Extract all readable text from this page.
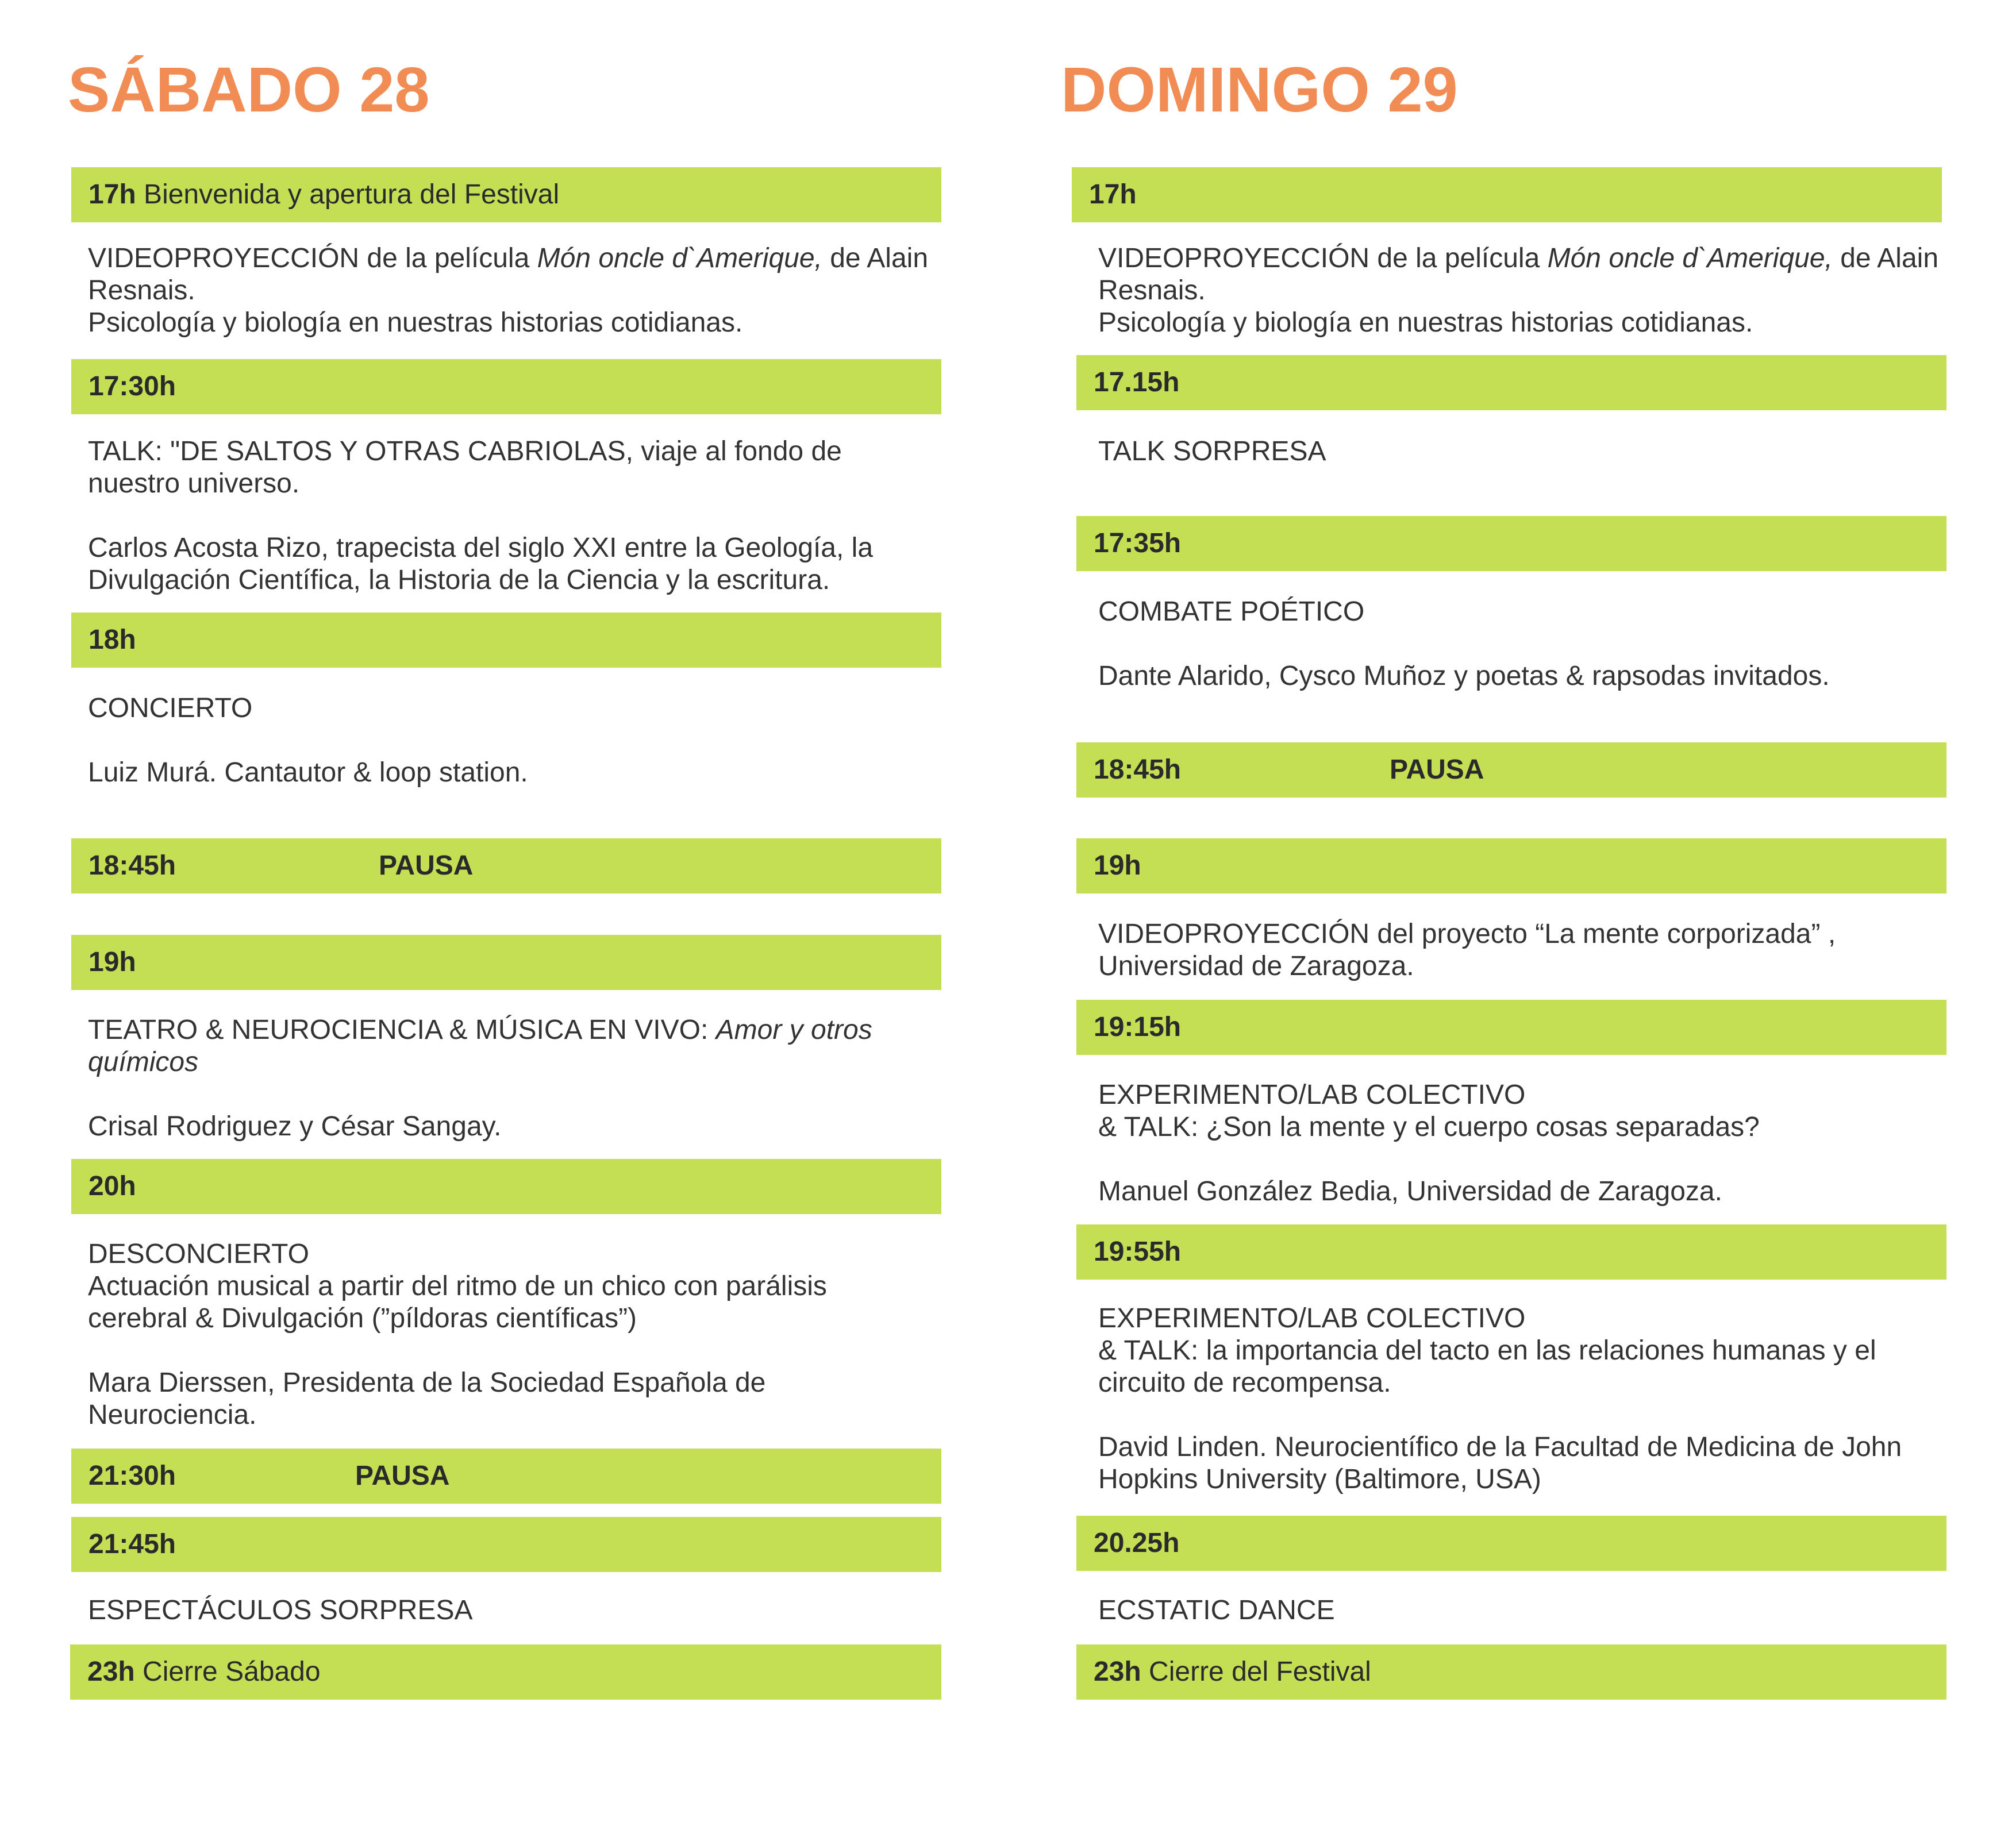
SÁBADO 28
17h Bienvenida y apertura del Festival
VIDEOPROYECCIÓN de la película Món oncle d`Amerique, de Alain Resnais.
Psicología y biología en nuestras historias cotidianas.
17:30h
TALK: "DE SALTOS Y OTRAS CABRIOLAS, viaje al fondo de nuestro universo.
Carlos Acosta Rizo, trapecista del siglo XXI entre la Geología, la Divulgación Científica, la Historia de la Ciencia y la escritura.
18h
CONCIERTO
Luiz Murá. Cantautor & loop station.
18:45h	PAUSA
19h
TEATRO & NEUROCIENCIA & MÚSICA EN VIVO: Amor y otros químicos
Crisal Rodriguez y César Sangay.
20h
DESCONCIERTO
Actuación musical a partir del ritmo de un chico con parálisis cerebral & Divulgación (”píldoras científicas”)
Mara Dierssen, Presidenta de la Sociedad Española de Neurociencia.
21:30h	PAUSA
21:45h
ESPECTÁCULOS SORPRESA
23h Cierre Sábado
DOMINGO 29
17h
VIDEOPROYECCIÓN de la película Món oncle d`Amerique, de Alain Resnais.
Psicología y biología en nuestras historias cotidianas.
17.15h
TALK SORPRESA
17:35h
COMBATE POÉTICO
Dante Alarido, Cysco Muñoz y poetas & rapsodas invitados.
18:45h	PAUSA
19h
VIDEOPROYECCIÓN del proyecto “La mente corporizada” , Universidad de Zaragoza.
19:15h
EXPERIMENTO/LAB COLECTIVO
& TALK: ¿Son la mente y el cuerpo cosas separadas?
Manuel González Bedia, Universidad de Zaragoza.
19:55h
EXPERIMENTO/LAB COLECTIVO
& TALK: la importancia del tacto en las relaciones humanas y el circuito de recompensa.
David Linden. Neurocientífico de la Facultad de Medicina de John Hopkins University (Baltimore, USA)
20.25h
ECSTATIC DANCE
23h Cierre del Festival
